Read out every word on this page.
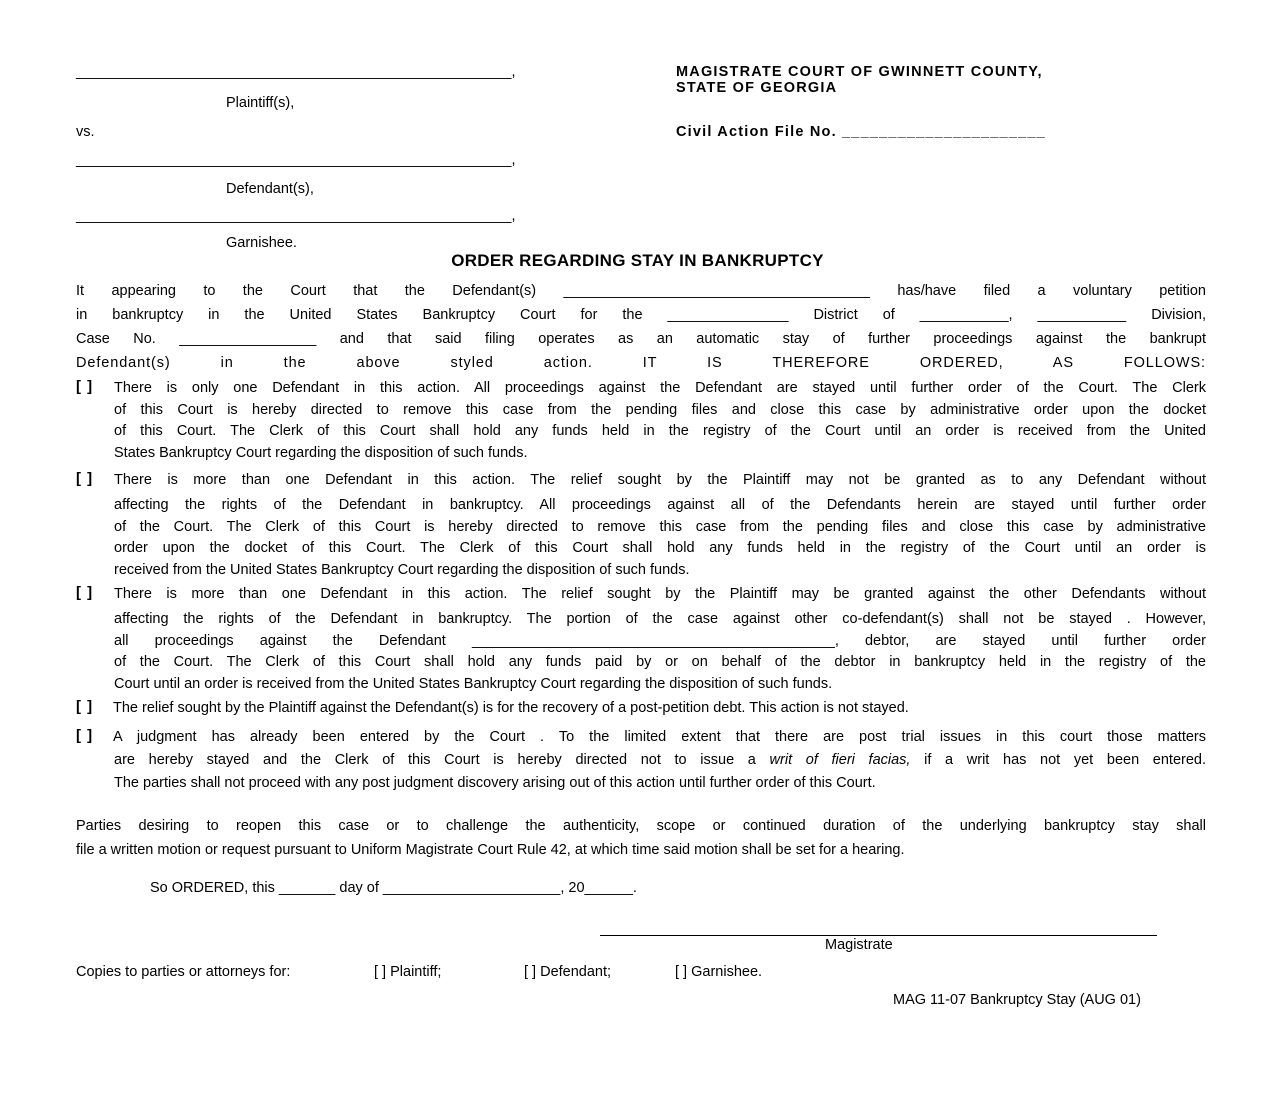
______________________________________________________,
Plaintiff(s),
vs.
______________________________________________________,
Defendant(s),
______________________________________________________,
Garnishee.
MAGISTRATE COURT OF GWINNETT COUNTY,
STATE OF GEORGIA
Civil Action File No. ______________________
ORDER REGARDING STAY IN BANKRUPTCY
It appearing to the Court that the Defendant(s) ______________________________________ has/have filed a voluntary petition
in bankruptcy in the United States Bankruptcy Court for the _______________ District of ___________, ___________ Division,
Case No. _________________ and that said filing operates as an automatic stay of further proceedings against the bankrupt
Defendant(s) in the above styled action. IT IS THEREFORE ORDERED, AS FOLLOWS:
[ ] There is only one Defendant in this action. All proceedings against the Defendant are stayed until further order of the Court. The Clerk
of this Court is hereby directed to remove this case from the pending files and close this case by administrative order upon the docket
of this Court. The Clerk of this Court shall hold any funds held in the registry of the Court until an order is received from the United
States Bankruptcy Court regarding the disposition of such funds.
[ ] There is more than one Defendant in this action. The relief sought by the Plaintiff may not be granted as to any Defendant without
affecting the rights of the Defendant in bankruptcy. All proceedings against all of the Defendants herein are stayed until further order
of the Court. The Clerk of this Court is hereby directed to remove this case from the pending files and close this case by administrative
order upon the docket of this Court. The Clerk of this Court shall hold any funds held in the registry of the Court until an order is
received from the United States Bankruptcy Court regarding the disposition of such funds.
[ ] There is more than one Defendant in this action. The relief sought by the Plaintiff may be granted against the other Defendants without
affecting the rights of the Defendant in bankruptcy. The portion of the case against other co-defendant(s) shall not be stayed . However,
all proceedings against the Defendant _____________________________________________, debtor, are stayed until further order
of the Court. The Clerk of this Court shall hold any funds paid by or on behalf of the debtor in bankruptcy held in the registry of the
Court until an order is received from the United States Bankruptcy Court regarding the disposition of such funds.
[ ] The relief sought by the Plaintiff against the Defendant(s) is for the recovery of a post-petition debt. This action is not stayed.
[ ] A judgment has already been entered by the Court . To the limited extent that there are post trial issues in this court those matters
are hereby stayed and the Clerk of this Court is hereby directed not to issue a writ of fieri facias, if a writ has not yet been entered.
The parties shall not proceed with any post judgment discovery arising out of this action until further order of this Court.
Parties desiring to reopen this case or to challenge the authenticity, scope or continued duration of the underlying bankruptcy stay shall
file a written motion or request pursuant to Uniform Magistrate Court Rule 42, at which time said motion shall be set for a hearing.
So ORDERED, this _______ day of ______________________, 20______.
Magistrate
Copies to parties or attorneys for:	[ ] Plaintiff;	[ ] Defendant;	[ ] Garnishee.
MAG 11-07 Bankruptcy Stay (AUG 01)
